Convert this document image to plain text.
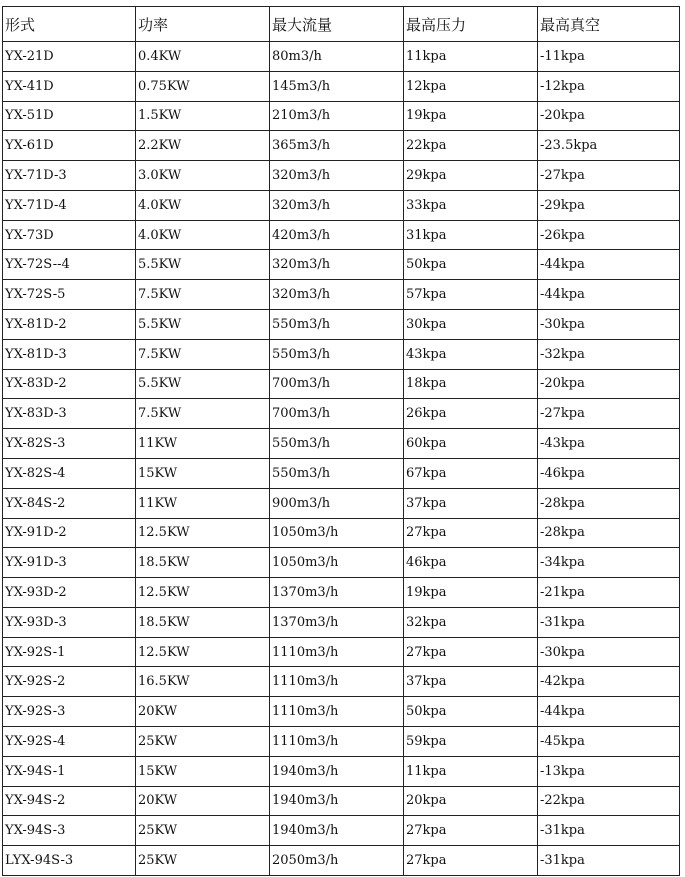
形式	功率	最大流量	最高压力	最高真空
YX-21D	0.4KW	80m3/h	11kpa	-11kpa
YX-41D	0.75KW	145m3/h	12kpa	-12kpa
YX-51D	1.5KW	210m3/h	19kpa	-20kpa
YX-61D	2.2KW	365m3/h	22kpa	-23.5kpa
YX-71D-3	3.0KW	320m3/h	29kpa	-27kpa
YX-71D-4	4.0KW	320m3/h	33kpa	-29kpa
YX-73D	4.0KW	420m3/h	31kpa	-26kpa
YX-72S--4	5.5KW	320m3/h	50kpa	-44kpa
YX-72S-5	7.5KW	320m3/h	57kpa	-44kpa
YX-81D-2	5.5KW	550m3/h	30kpa	-30kpa
YX-81D-3	7.5KW	550m3/h	43kpa	-32kpa
YX-83D-2	5.5KW	700m3/h	18kpa	-20kpa
YX-83D-3	7.5KW	700m3/h	26kpa	-27kpa
YX-82S-3	11KW	550m3/h	60kpa	-43kpa
YX-82S-4	15KW	550m3/h	67kpa	-46kpa
YX-84S-2	11KW	900m3/h	37kpa	-28kpa
YX-91D-2	12.5KW	1050m3/h	27kpa	-28kpa
YX-91D-3	18.5KW	1050m3/h	46kpa	-34kpa
YX-93D-2	12.5KW	1370m3/h	19kpa	-21kpa
YX-93D-3	18.5KW	1370m3/h	32kpa	-31kpa
YX-92S-1	12.5KW	1110m3/h	27kpa	-30kpa
YX-92S-2	16.5KW	1110m3/h	37kpa	-42kpa
YX-92S-3	20KW	1110m3/h	50kpa	-44kpa
YX-92S-4	25KW	1110m3/h	59kpa	-45kpa
YX-94S-1	15KW	1940m3/h	11kpa	-13kpa
YX-94S-2	20KW	1940m3/h	20kpa	-22kpa
YX-94S-3	25KW	1940m3/h	27kpa	-31kpa
LYX-94S-3	25KW	2050m3/h	27kpa	-31kpa
